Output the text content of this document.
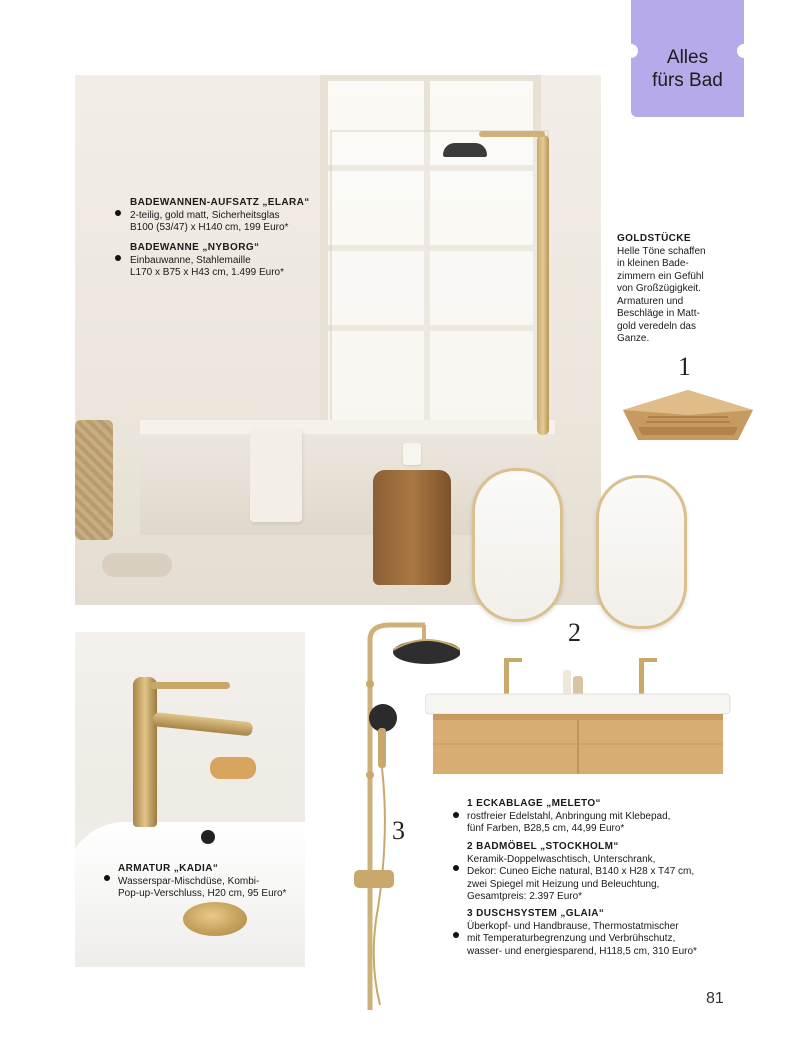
Alles
fürs Bad
BADEWANNEN-AUFSATZ „ELARA“
2-teilig, gold matt, Sicherheitsglas
B100 (53/47) x H140 cm, 199 Euro*
BADEWANNE „NYBORG“
Einbauwanne, Stahlemaille
L170 x B75 x H43 cm, 1.499 Euro*
GOLDSTÜCKE
Helle Töne schaffen
in kleinen Bade-
zimmern ein Gefühl
von Großzügigkeit.
Armaturen und
Beschläge in Matt-
gold veredeln das
Ganze.
1
2
ARMATUR „KADIA“
Wasserspar-Mischdüse, Kombi-
Pop-up-Verschluss, H20 cm, 95 Euro*
3
1 ECKABLAGE „MELETO“
rostfreier Edelstahl, Anbringung mit Klebepad,
fünf Farben, B28,5 cm, 44,99 Euro*
2 BADMÖBEL „STOCKHOLM“
Keramik-Doppelwaschtisch, Unterschrank,
Dekor: Cuneo Eiche natural, B140 x H28 x T47 cm,
zwei Spiegel mit Heizung und Beleuchtung,
Gesamtpreis: 2.397 Euro*
3 DUSCHSYSTEM „GLAIA“
Überkopf- und Handbrause, Thermostatmischer
mit Temperaturbegrenzung und Verbrühschutz,
wasser- und energiesparend, H118,5 cm, 310 Euro*
81
